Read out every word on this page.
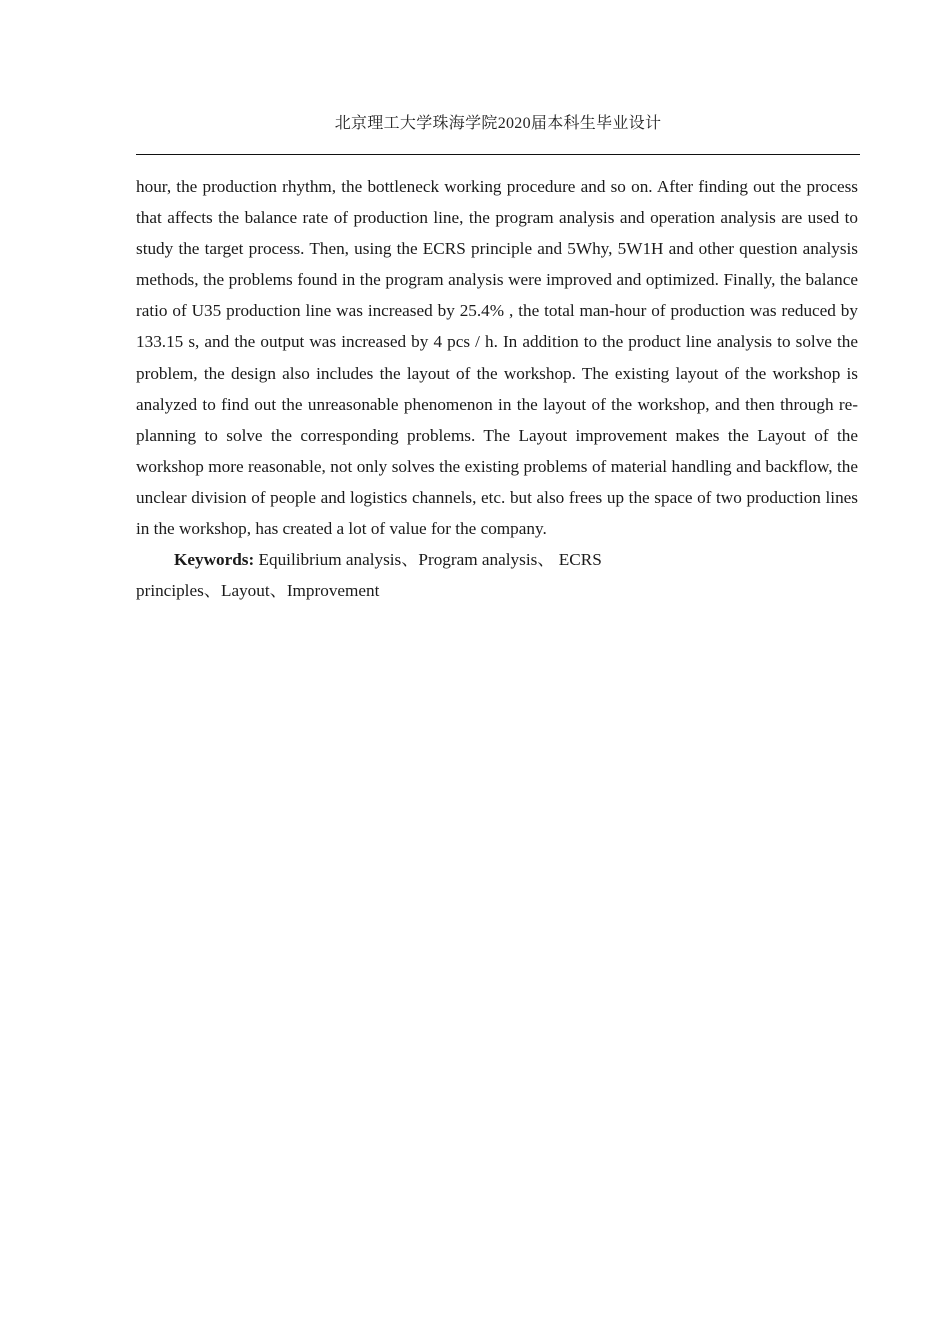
北京理工大学珠海学院2020届本科生毕业设计

hour, the production rhythm, the bottleneck working procedure and so on. After finding out the process that affects the balance rate of production line, the program analysis and operation analysis are used to study the target process. Then, using the ECRS principle and 5Why, 5W1H and other question analysis methods, the problems found in the program analysis were improved and optimized. Finally, the balance ratio of U35 production line was increased by 25.4% , the total man-hour of production was reduced by 133.15 s, and the output was increased by 4 pcs / h. In addition to the product line analysis to solve the problem, the design also includes the layout of the workshop. The existing layout of the workshop is analyzed to find out the unreasonable phenomenon in the layout of the workshop, and then through re-planning to solve the corresponding problems. The Layout improvement makes the Layout of the workshop more reasonable, not only solves the existing problems of material handling and backflow, the unclear division of people and logistics channels, etc. but also frees up the space of two production lines in the workshop, has created a lot of value for the company.

Keywords: Equilibrium analysis、Program analysis、 ECRS
principles、Layout、Improvement
